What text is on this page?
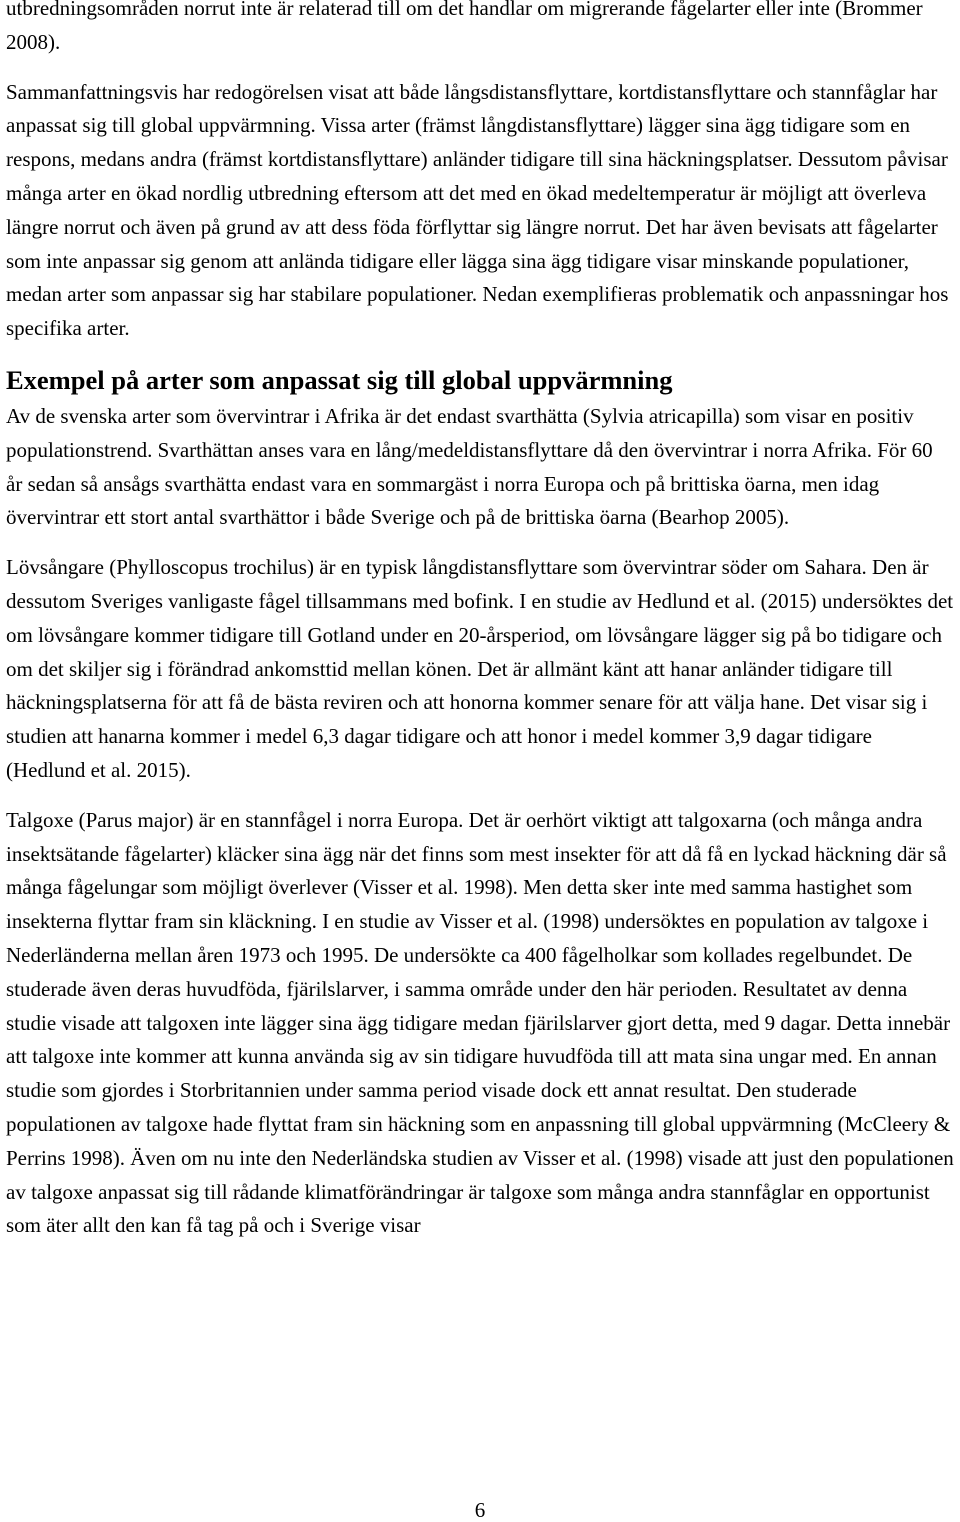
utbredningsområden norrut inte är relaterad till om det handlar om migrerande fågelarter eller inte (Brommer 2008).

Sammanfattningsvis har redogörelsen visat att både långsdistansflyttare, kortdistansflyttare och stannfåglar har anpassat sig till global uppvärmning. Vissa arter (främst långdistansflyttare) lägger sina ägg tidigare som en respons, medans andra (främst kortdistansflyttare) anländer tidigare till sina häckningsplatser. Dessutom påvisar många arter en ökad nordlig utbredning eftersom att det med en ökad medeltemperatur är möjligt att överleva längre norrut och även på grund av att dess föda förflyttar sig längre norrut. Det har även bevisats att fågelarter som inte anpassar sig genom att anlända tidigare eller lägga sina ägg tidigare visar minskande populationer, medan arter som anpassar sig har stabilare populationer. Nedan exemplifieras problematik och anpassningar hos specifika arter.

Exempel på arter som anpassat sig till global uppvärmning

Av de svenska arter som övervintrar i Afrika är det endast svarthätta (Sylvia atricapilla) som visar en positiv populationstrend. Svarthättan anses vara en lång/medeldistansflyttare då den övervintrar i norra Afrika. För 60 år sedan så ansågs svarthätta endast vara en sommargäst i norra Europa och på brittiska öarna, men idag övervintrar ett stort antal svarthättor i både Sverige och på de brittiska öarna (Bearhop 2005).

Lövsångare (Phylloscopus trochilus) är en typisk långdistansflyttare som övervintrar söder om Sahara. Den är dessutom Sveriges vanligaste fågel tillsammans med bofink. I en studie av Hedlund et al. (2015) undersöktes det om lövsångare kommer tidigare till Gotland under en 20-årsperiod, om lövsångare lägger sig på bo tidigare och om det skiljer sig i förändrad ankomsttid mellan könen. Det är allmänt känt att hanar anländer tidigare till häckningsplatserna för att få de bästa reviren och att honorna kommer senare för att välja hane. Det visar sig i studien att hanarna kommer i medel 6,3 dagar tidigare och att honor i medel kommer 3,9 dagar tidigare (Hedlund et al. 2015).

Talgoxe (Parus major) är en stannfågel i norra Europa. Det är oerhört viktigt att talgoxarna (och många andra insektsätande fågelarter) kläcker sina ägg när det finns som mest insekter för att då få en lyckad häckning där så många fågelungar som möjligt överlever (Visser et al. 1998). Men detta sker inte med samma hastighet som insekterna flyttar fram sin kläckning. I en studie av Visser et al. (1998) undersöktes en population av talgoxe i Nederländerna mellan åren 1973 och 1995. De undersökte ca 400 fågelholkar som kollades regelbundet. De studerade även deras huvudföda, fjärilslarver, i samma område under den här perioden. Resultatet av denna studie visade att talgoxen inte lägger sina ägg tidigare medan fjärilslarver gjort detta, med 9 dagar. Detta innebär att talgoxe inte kommer att kunna använda sig av sin tidigare huvudföda till att mata sina ungar med. En annan studie som gjordes i Storbritannien under samma period visade dock ett annat resultat. Den studerade populationen av talgoxe hade flyttat fram sin häckning som en anpassning till global uppvärmning (McCleery & Perrins 1998). Även om nu inte den Nederländska studien av Visser et al. (1998) visade att just den populationen av talgoxe anpassat sig till rådande klimatförändringar är talgoxe som många andra stannfåglar en opportunist som äter allt den kan få tag på och i Sverige visar

6
